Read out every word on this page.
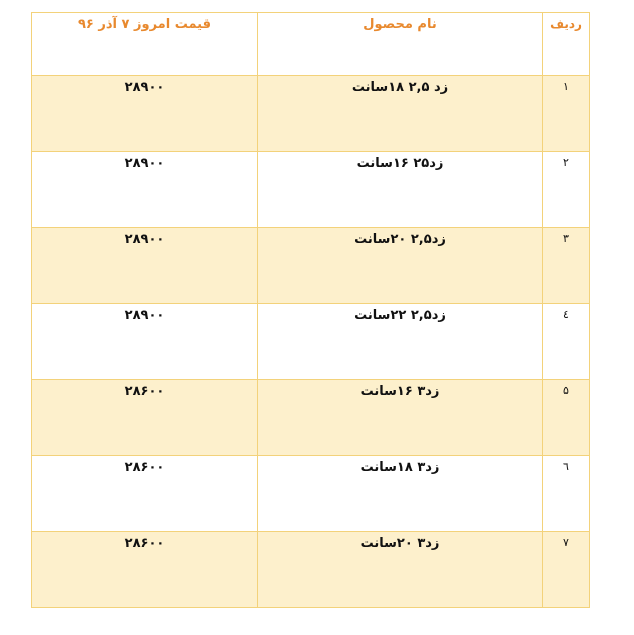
ردیف	نام محصول	قیمت امروز ۷ آذر ۹۶
۱	زد ۲,۵ ۱۸سانت	۲۸۹۰۰
۲	زد۲۵ ۱۶سانت	۲۸۹۰۰
۳	زد۲,۵ ۲۰سانت	۲۸۹۰۰
٤	زد۲,۵ ۲۲سانت	۲۸۹۰۰
۵	زد۳ ۱۶سانت	۲۸۶۰۰
٦	زد۳ ۱۸سانت	۲۸۶۰۰
۷	زد۳ ۲۰سانت	۲۸۶۰۰
